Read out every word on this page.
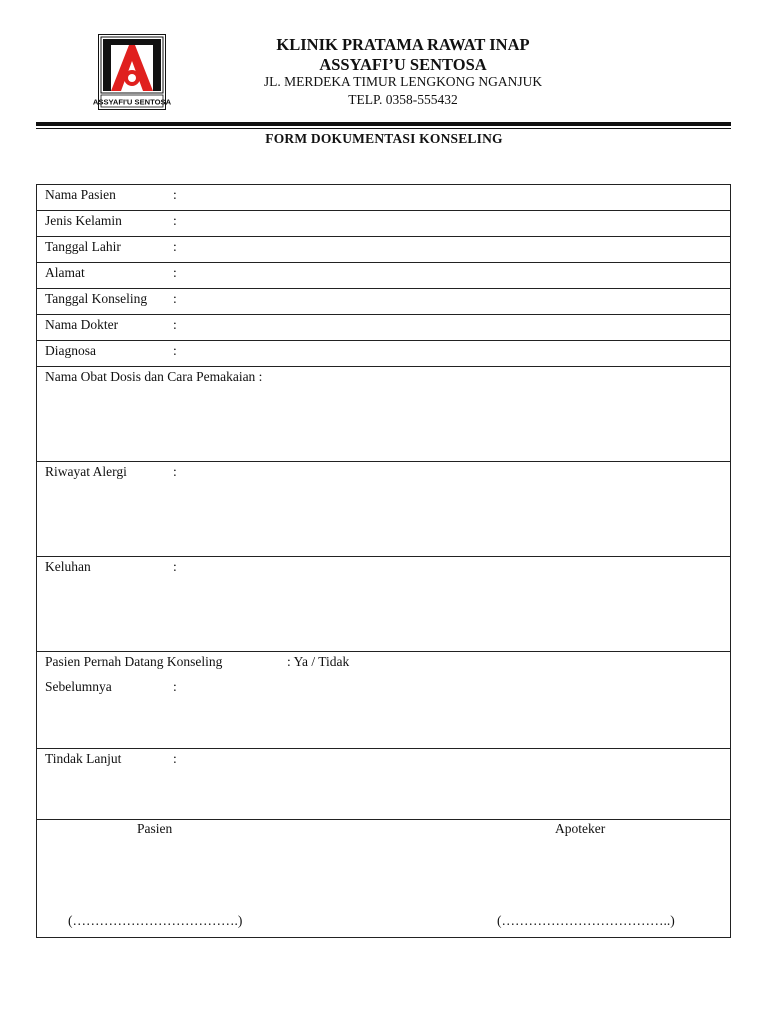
ASSYAFI'U SENTOSA
KLINIK PRATAMA RAWAT INAP
ASSYAFI’U SENTOSA
JL. MERDEKA TIMUR LENGKONG NGANJUK
TELP. 0358-555432
FORM DOKUMENTASI KONSELING
Nama Pasien	:
Jenis Kelamin	:
Tanggal Lahir	:
Alamat	:
Tanggal Konseling :
Nama Dokter	:
Diagnosa	:
Nama Obat Dosis dan Cara Pemakaian :
Riwayat Alergi	:
Keluhan	:
Pasien Pernah Datang Konseling	: Ya / Tidak
Sebelumnya	:
Tindak Lanjut	:
Pasien	Apoteker
(……………………………….)	(………………………………..)
